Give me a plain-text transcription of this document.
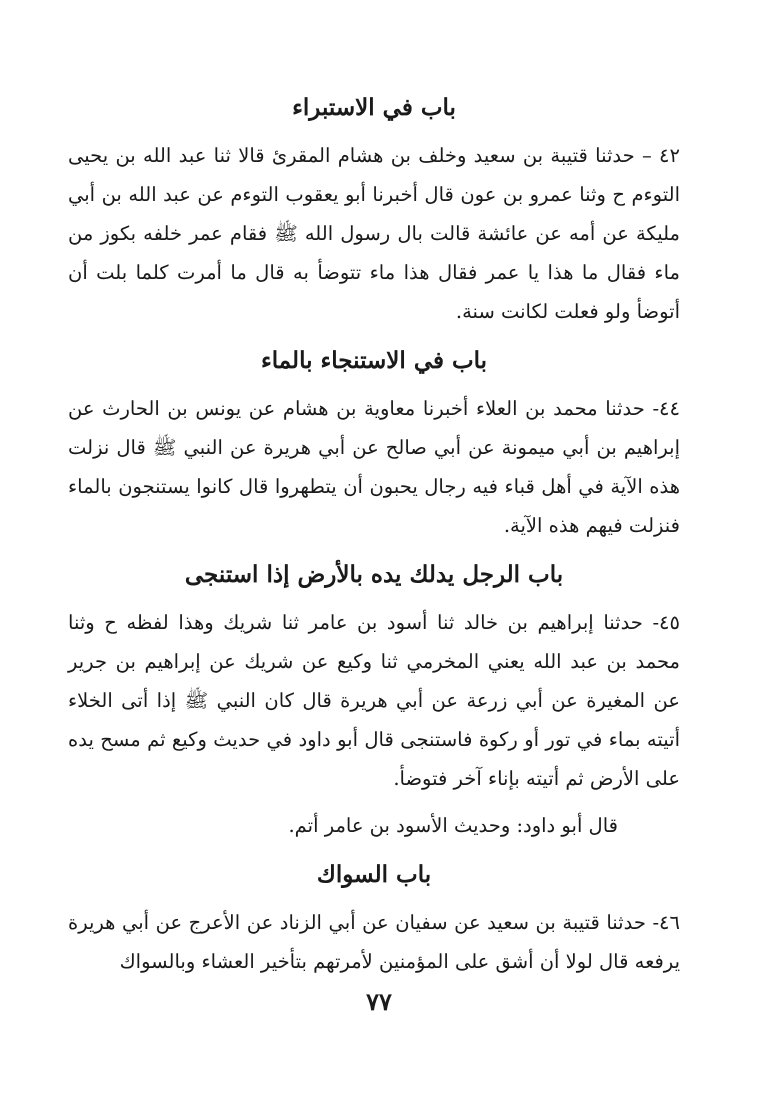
باب في الاستبراء

٤٢ – حدثنا قتيبة بن سعيد وخلف بن هشام المقرئ قالا ثنا عبد الله بن يحيى التوءم ح وثنا عمرو بن عون قال أخبرنا أبو يعقوب التوءم عن عبد الله بن أبي مليكة عن أمه عن عائشة قالت بال رسول الله ﷺ فقام عمر خلفه بكوز من ماء فقال ما هذا يا عمر فقال هذا ماء تتوضأ به قال ما أمرت كلما بلت أن أتوضأ ولو فعلت لكانت سنة.

باب في الاستنجاء بالماء

٤٤- حدثنا محمد بن العلاء أخبرنا معاوية بن هشام عن يونس بن الحارث عن إبراهيم بن أبي ميمونة عن أبي صالح عن أبي هريرة عن النبي ﷺ قال نزلت هذه الآية في أهل قباء فيه رجال يحبون أن يتطهروا قال كانوا يستنجون بالماء فنزلت فيهم هذه الآية.

باب الرجل يدلك يده بالأرض إذا استنجى

٤٥- حدثنا إبراهيم بن خالد ثنا أسود بن عامر ثنا شريك وهذا لفظه ح وثنا محمد بن عبد الله يعني المخرمي ثنا وكيع عن شريك عن إبراهيم بن جرير عن المغيرة عن أبي زرعة عن أبي هريرة قال كان النبي ﷺ إذا أتى الخلاء أتيته بماء في تور أو ركوة فاستنجى قال أبو داود في حديث وكيع ثم مسح يده على الأرض ثم أتيته بإناء آخر فتوضأ.

قال أبو داود: وحديث الأسود بن عامر أتم.

باب السواك

٤٦- حدثنا قتيبة بن سعيد عن سفيان عن أبي الزناد عن الأعرج عن أبي هريرة يرفعه قال لولا أن أشق على المؤمنين لأمرتهم بتأخير العشاء وبالسواك

٧٧
